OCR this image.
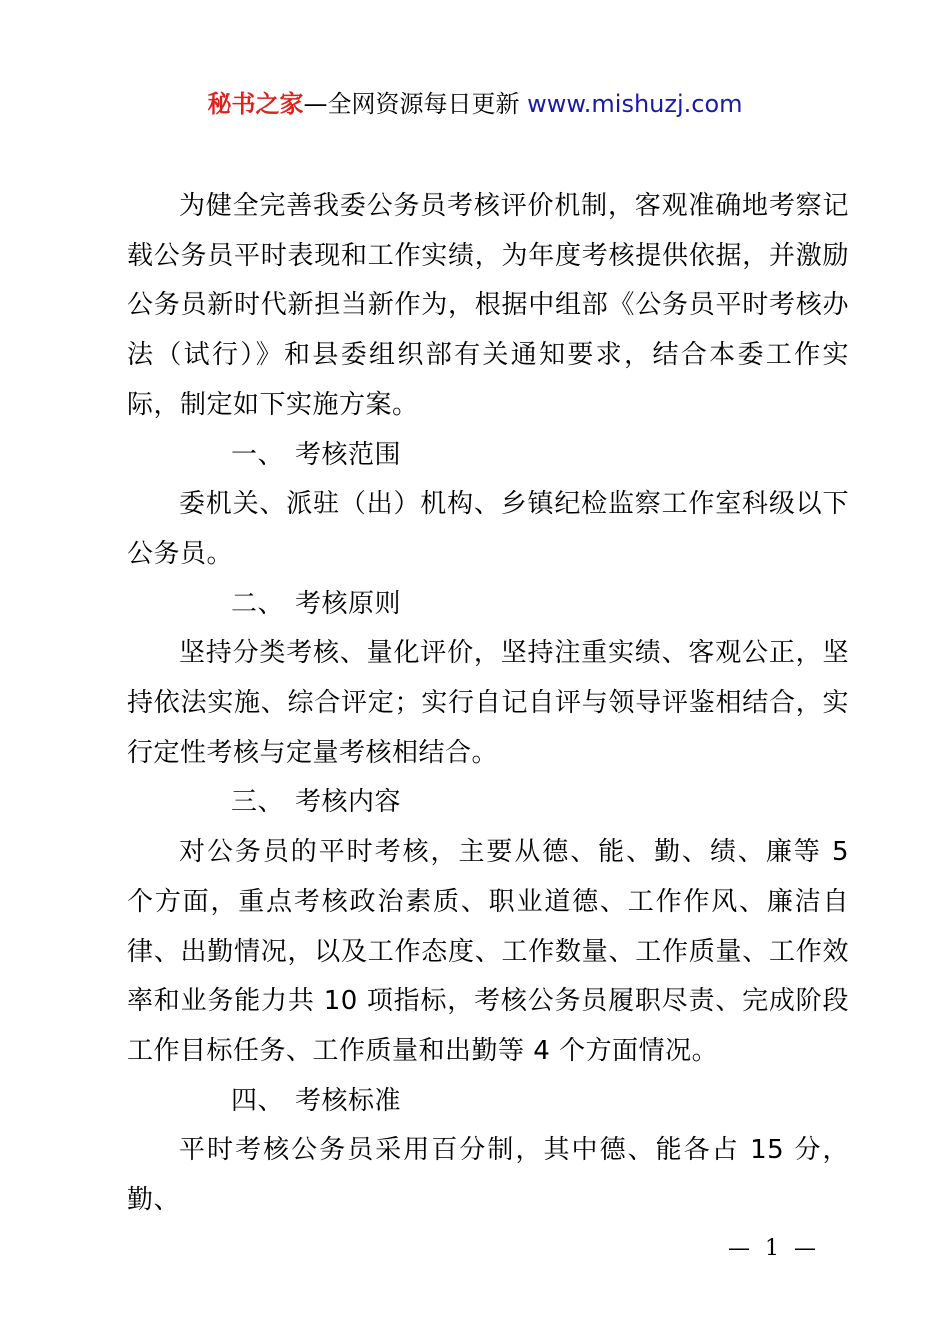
秘书之家—全网资源每日更新 www.mishuzj.com

为健全完善我委公务员考核评价机制，客观准确地考察记载公务员平时表现和工作实绩，为年度考核提供依据，并激励公务员新时代新担当新作为，根据中组部《公务员平时考核办法（试行）》和县委组织部有关通知要求，结合本委工作实际，制定如下实施方案。

一、 考核范围

委机关、派驻（出）机构、乡镇纪检监察工作室科级以下公务员。

二、 考核原则

坚持分类考核、量化评价，坚持注重实绩、客观公正，坚持依法实施、综合评定；实行自记自评与领导评鉴相结合，实行定性考核与定量考核相结合。

三、 考核内容

对公务员的平时考核，主要从德、能、勤、绩、廉等 5 个方面，重点考核政治素质、职业道德、工作作风、廉洁自律、出勤情况，以及工作态度、工作数量、工作质量、工作效率和业务能力共 10 项指标，考核公务员履职尽责、完成阶段工作目标任务、工作质量和出勤等 4 个方面情况。

四、 考核标准

平时考核公务员采用百分制，其中德、能各占 15 分，勤、

— 1 —
